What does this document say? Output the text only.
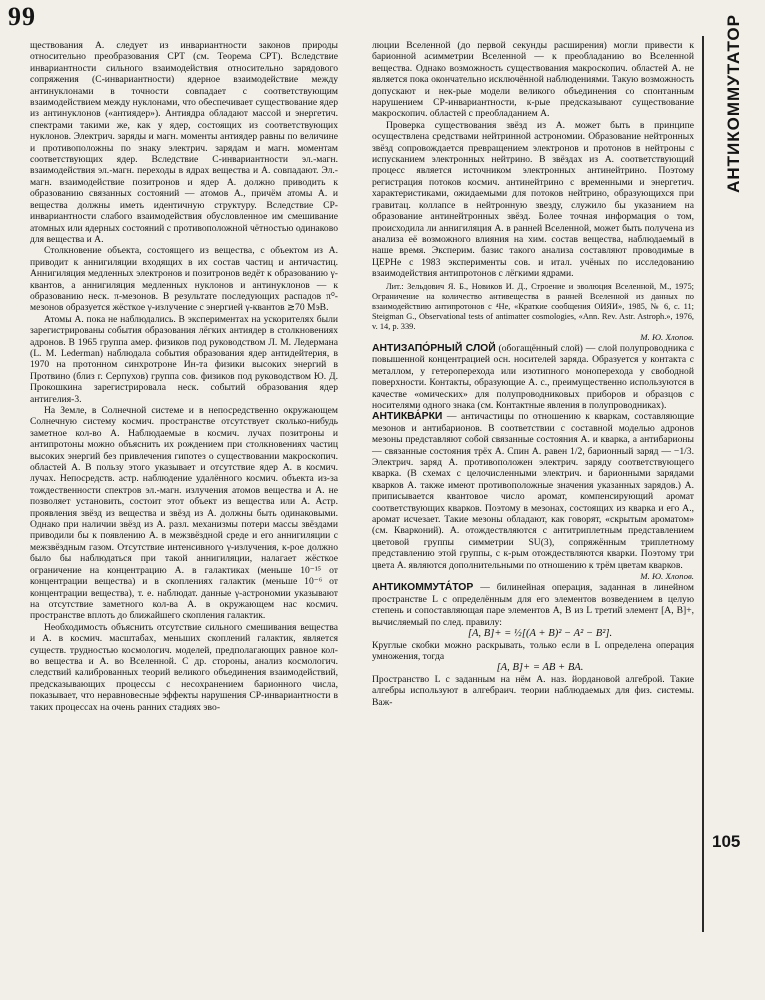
99

ществования А. следует из инвариантности законов природы относительно преобразования CPT (см. Теорема CPT). Вследствие инвариантности сильного взаимодействия относительно зарядового сопряжения (C-инвариантности) ядерное взаимодействие между антинуклонами в точности совпадает с соответствующим взаимодействием между нуклонами, что обеспечивает существование ядер из антинуклонов («антиядер»). Антиядра обладают массой и энергетич. спектрами такими же, как у ядер, состоящих из соответствующих нуклонов. Электрич. заряды и магн. моменты антиядер равны по величине и противоположны по знаку электрич. зарядам и магн. моментам соответствующих ядер. Вследствие C-инвариантности эл.-магн. взаимодействия эл.-магн. переходы в ядрах вещества и А. совпадают. Эл.-магн. взаимодействие позитронов и ядер А. должно приводить к образованию связанных состояний — атомов А., причём атомы А. и вещества должны иметь идентичную структуру. Вследствие CP-инвариантности слабого взаимодействия обусловленное им смешивание атомных или ядерных состояний с противоположной чётностью одинаково для вещества и А.

Столкновение объекта, состоящего из вещества, с объектом из А. приводит к аннигиляции входящих в их состав частиц и античастиц. Аннигиляция медленных электронов и позитронов ведёт к образованию γ-квантов, а аннигиляция медленных нуклонов и антинуклонов — к образованию неск. π-мезонов. В результате последующих распадов π⁰-мезонов образуется жёсткое γ-излучение с энергией γ-квантов ≳70 МэВ.

Атомы А. пока не наблюдались. В экспериментах на ускорителях были зарегистрированы события образования лёгких антиядер в столкновениях адронов. В 1965 группа амер. физиков под руководством Л. М. Ледермана (L. M. Lederman) наблюдала события образования ядер антидейтерия, в 1970 на протонном синхротроне Ин-та физики высоких энергий в Протвино (близ г. Серпухов) группа сов. физиков под руководством Ю. Д. Прокошкина зарегистрировала неск. событий образования ядер антигелия-3.

На Земле, в Солнечной системе и в непосредственно окружающем Солнечную систему космич. пространстве отсутствует сколько-нибудь заметное кол-во А. Наблюдаемые в космич. лучах позитроны и антипротоны можно объяснить их рождением при столкновениях частиц высоких энергий без привлечения гипотез о существовании макроскопич. областей А. В пользу этого указывает и отсутствие ядер А. в космич. лучах. Непосредств. астр. наблюдение удалённого космич. объекта из-за тождественности спектров эл.-магн. излучения атомов вещества и А. не позволяет установить, состоит этот объект из вещества или А. Астр. проявления звёзд из вещества и звёзд из А. должны быть одинаковыми. Однако при наличии звёзд из А. разл. механизмы потери массы звёздами приводили бы к появлению А. в межзвёздной среде и его аннигиляции с межзвёздным газом. Отсутствие интенсивного γ-излучения, к-рое должно было бы наблюдаться при такой аннигиляции, налагает жёсткое ограничение на концентрацию А. в галактиках (меньше 10⁻¹⁵ от концентрации вещества) и в скоплениях галактик (меньше 10⁻⁶ от концентрации вещества), т. е. наблюдат. данные γ-астрономии указывают на отсутствие заметного кол-ва А. в окружающем нас космич. пространстве вплоть до ближайшего скопления галактик.

Необходимость объяснить отсутствие сильного смешивания вещества и А. в космич. масштабах, меньших скоплений галактик, является существ. трудностью космологич. моделей, предполагающих равное кол-во вещества и А. во Вселенной. С др. стороны, анализ космологич. следствий калиброванных теорий великого объединения взаимодействий, предсказывающих процессы с несохранением барионного числа, показывает, что неравновесные эффекты нарушения CP-инвариантности в таких процессах на очень ранних стадиях эво-

люции Вселенной (до первой секунды расширения) могли привести к барионной асимметрии Вселенной — к преобладанию во Вселенной вещества. Однако возможность существования макроскопич. областей А. не является пока окончательно исключённой наблюдениями. Такую возможность допускают и нек-рые модели великого объединения со спонтанным нарушением CP-инвариантности, к-рые предсказывают существование макроскопич. областей с преобладанием А.

Проверка существования звёзд из А. может быть в принципе осуществлена средствами нейтринной астрономии. Образование нейтронных звёзд сопровождается превращением электронов и протонов в нейтроны с испусканием электронных нейтрино. В звёздах из А. соответствующий процесс является источником электронных антинейтрино. Поэтому регистрация потоков космич. антинейтрино с временными и энергетич. характеристиками, ожидаемыми для потоков нейтрино, образующихся при гравитац. коллапсе в нейтронную звезду, служило бы указанием на образование антинейтронных звёзд. Более точная информация о том, происходила ли аннигиляция А. в ранней Вселенной, может быть получена из анализа её возможного влияния на хим. состав вещества, наблюдаемый в наше время. Эксперим. базис такого анализа составляют проводимые в ЦЕРНе с 1983 эксперименты сов. и итал. учёных по исследованию взаимодействия антипротонов с лёгкими ядрами.

Лит.: Зельдович Я. Б., Новиков И. Д., Строение и эволюция Вселенной, М., 1975; Ограничение на количество антивещества в ранней Вселенной из данных по взаимодействию антипротонов с ⁴He, «Краткие сообщения ОИЯИ», 1985, № 6, с. 11; Steigman G., Observational tests of antimatter cosmologies, «Ann. Rev. Astr. Astroph.», 1976, v. 14, p. 339.

М. Ю. Хлопов.

АНТИЗАПО́РНЫЙ СЛОЙ (обогащённый слой) — слой полупроводника с повышенной концентрацией осн. носителей заряда. Образуется у контакта с металлом, у гетероперехода или изотипного моноперехода у свободной поверхности. Контакты, образующие А. с., преимущественно используются в качестве «омических» для полупроводниковых приборов и образцов с носителями одного знака (см. Контактные явления в полупроводниках).

АНТИКВА́РКИ — античастицы по отношению к кваркам, составляющие мезонов и антибарионов. В соответствии с составной моделью адронов мезоны представляют собой связанные состояния А. и кварка, а антибарионы — связанные состояния трёх А. Спин А. равен 1/2, барионный заряд — −1/3. Электрич. заряд А. противоположен электрич. заряду соответствующего кварка. (В схемах с целочисленными электрич. и барионными зарядами кварков А. также имеют противоположные значения указанных зарядов.) А. приписывается квантовое число аромат, компенсирующий аромат соответствующих кварков. Поэтому в мезонах, состоящих из кварка и его А., аромат исчезает. Такие мезоны обладают, как говорят, «скрытым ароматом» (см. Кварконий). А. отождествляются с антитриплетным представлением цветовой группы симметрии SU(3), сопряжённым триплетному представлению этой группы, с к-рым отождествляются кварки. Поэтому три цвета А. являются дополнительными по отношению к трём цветам кварков.

М. Ю. Хлопов.

АНТИКОММУТА́ТОР — билинейная операция, заданная в линейном пространстве L с определённым для его элементов возведением в целую степень и сопоставляющая паре элементов A, B из L третий элемент [A, B]+, вычисляемый по след. правилу:

[A, B]+ = ½[(A + B)² − A² − B²].

Круглые скобки можно раскрывать, только если в L определена операция умножения, тогда

[A, B]+ = AB + BA.

Пространство L с заданным на нём А. наз. йордановой алгеброй. Такие алгебры используют в алгебраич. теории наблюдаемых для физ. системы. Важ-

АНТИКОММУТАТОР
105
